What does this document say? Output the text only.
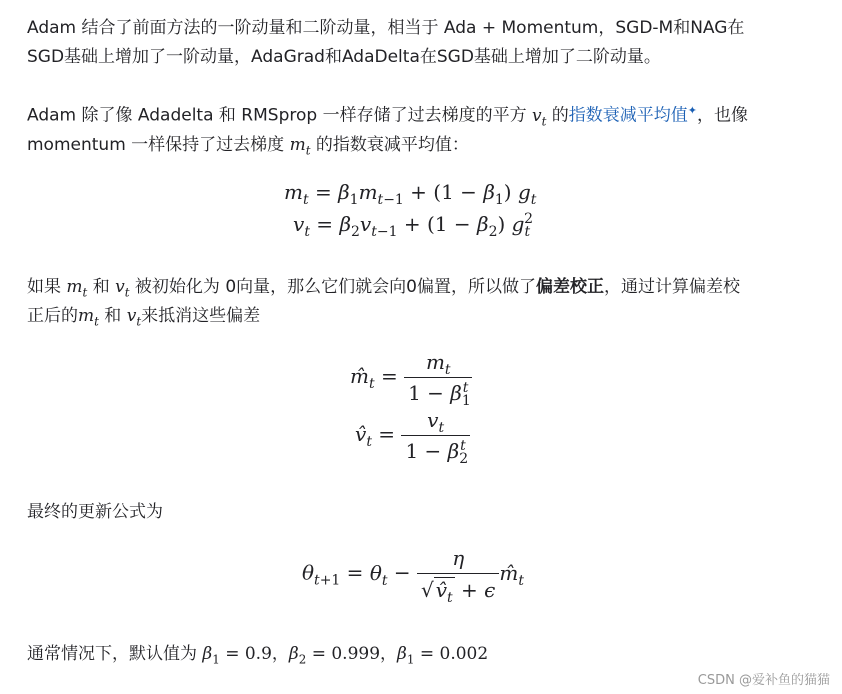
Adam 结合了前面方法的一阶动量和二阶动量，相当于 Ada + Momentum，SGD-M和NAG在
SGD基础上增加了一阶动量，AdaGrad和AdaDelta在SGD基础上增加了二阶动量。
Adam 除了像 Adadelta 和 RMSprop 一样存储了过去梯度的平方 $v_t$ 的指数衰减平均值✦，也像
momentum 一样保持了过去梯度 $m_t$ 的指数衰减平均值：
$m_t = \beta_1m_{t-1} + (1 - \beta_1)$ $g_t$
$v_t = \beta_2v_{t-1} + (1 - \beta_2)$ $g_t^2$
如果 $m_t$ 和 $v_t$ 被初始化为 0向量，那么它们就会向0偏置，所以做了偏差校正，通过计算偏差校
正后的$m_t$ 和 $v_t$来抵消这些偏差
$m̂_t = \frac{m_t}{1 - \beta_1^t}$
$v̂_t = \frac{v_t}{1 - \beta_2^t}$
最终的更新公式为
$\theta_{t+1} = \theta_t - \frac{\eta}{√ v̂_t + \epsilon}$ $m̂_t$
通常情况下，默认值为 $\beta_1 = 0.9$，$\beta_2 = 0.999$，$\beta_1 = 0.002$
CSDN @爱补鱼的猫猫
